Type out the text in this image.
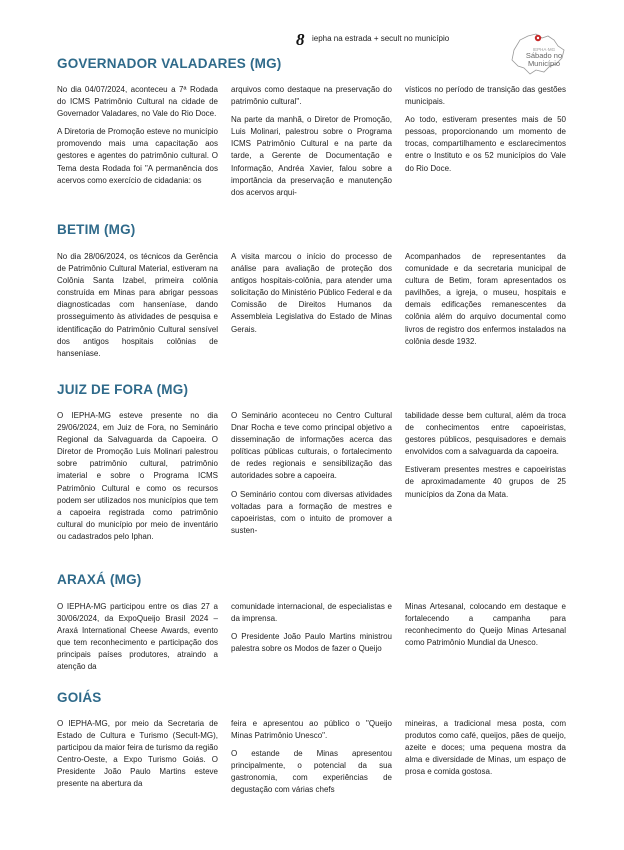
8 iepha na estrada + secult no município
IEPHA·MG
Sábado no
Município
GOVERNADOR VALADARES (MG)

No dia 04/07/2024, aconteceu a 7ª Rodada do ICMS Patrimônio Cultural na cidade de Governador Valadares, no Vale do Rio Doce.

A Diretoria de Promoção esteve no município promovendo mais uma capacitação aos gestores e agentes do patrimônio cultural. O Tema desta Rodada foi "A permanência dos acervos como exercício de cidadania: os

arquivos como destaque na preservação do patrimônio cultural".

Na parte da manhã, o Diretor de Promoção, Luis Molinari, palestrou sobre o Programa ICMS Patrimônio Cultural e na parte da tarde, a Gerente de Documentação e Informação, Andréa Xavier, falou sobre a importância da preservação e manutenção dos acervos arqui-

vísticos no período de transição das gestões municipais.

Ao todo, estiveram presentes mais de 50 pessoas, proporcionando um momento de trocas, compartilhamento e esclarecimentos entre o Instituto e os 52 municípios do Vale do Rio Doce.

BETIM (MG)

No dia 28/06/2024, os técnicos da Gerência de Patrimônio Cultural Material, estiveram na Colônia Santa Izabel, primeira colônia construída em Minas para abrigar pessoas diagnosticadas com hanseníase, dando prosseguimento às atividades de pesquisa e identificação do Patrimônio Cultural sensível dos antigos hospitais colônias de hanseníase.

A visita marcou o início do processo de análise para avaliação de proteção dos antigos hospitais-colônia, para atender uma solicitação do Ministério Público Federal e da Comissão de Direitos Humanos da Assembleia Legislativa do Estado de Minas Gerais.

Acompanhados de representantes da comunidade e da secretaria municipal de cultura de Betim, foram apresentados os pavilhões, a igreja, o museu, hospitais e demais edificações remanescentes da colônia além do arquivo documental como livros de registro dos enfermos instalados na colônia desde 1932.

JUIZ DE FORA (MG)

O IEPHA-MG esteve presente no dia 29/06/2024, em Juiz de Fora, no Seminário Regional da Salvaguarda da Capoeira. O Diretor de Promoção Luis Molinari palestrou sobre patrimônio cultural, patrimônio imaterial e sobre o Programa ICMS Patrimônio Cultural e como os recursos podem ser utilizados nos municípios que tem a capoeira registrada como patrimônio cultural do município por meio de inventário ou cadastrados pelo Iphan.

O Seminário aconteceu no Centro Cultural Dnar Rocha e teve como principal objetivo a disseminação de informações acerca das políticas públicas culturais, o fortalecimento de redes regionais e sensibilização das autoridades sobre a capoeira.

O Seminário contou com diversas atividades voltadas para a formação de mestres e capoeiristas, com o intuito de promover a susten-

tabilidade desse bem cultural, além da troca de conhecimentos entre capoeiristas, gestores públicos, pesquisadores e demais envolvidos com a salvaguarda da capoeira.

Estiveram presentes mestres e capoeiristas de aproximadamente 40 grupos de 25 municípios da Zona da Mata.

ARAXÁ (MG)

O IEPHA-MG participou entre os dias 27 a 30/06/2024, da ExpoQueijo Brasil 2024 – Araxá International Cheese Awards, evento que tem reconhecimento e participação dos principais países produtores, atraindo a atenção da

comunidade internacional, de especialistas e da imprensa.

O Presidente João Paulo Martins ministrou palestra sobre os Modos de fazer o Queijo

Minas Artesanal, colocando em destaque e fortalecendo a campanha para reconhecimento do Queijo Minas Artesanal como Patrimônio Mundial da Unesco.

GOIÁS

O IEPHA-MG, por meio da Secretaria de Estado de Cultura e Turismo (Secult-MG), participou da maior feira de turismo da região Centro-Oeste, a Expo Turismo Goiás. O Presidente João Paulo Martins esteve presente na abertura da

feira e apresentou ao público o "Queijo Minas Patrimônio Unesco".

O estande de Minas apresentou principalmente, o potencial da sua gastronomia, com experiências de degustação com várias chefs

mineiras, a tradicional mesa posta, com produtos como café, queijos, pães de queijo, azeite e doces; uma pequena mostra da alma e diversidade de Minas, um espaço de prosa e comida gostosa.
